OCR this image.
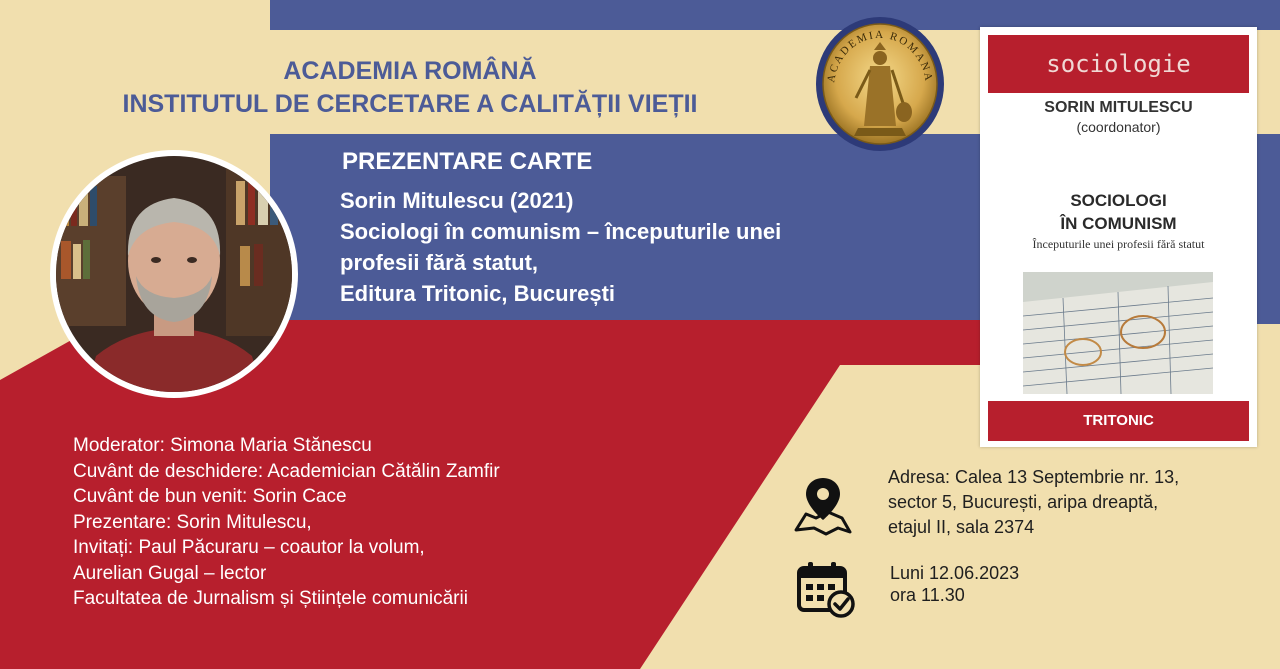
ACADEMIA ROMÂNĂ
INSTITUTUL DE CERCETARE A CALITĂȚII VIEȚII
ACADEMIA ROMANA
PREZENTARE CARTE
Sorin Mitulescu (2021)
Sociologi în comunism – începuturile unei
profesii fără statut,
Editura Tritonic, București
sociologie
SORIN MITULESCU
(coordonator)
SOCIOLOGI
ÎN COMUNISM
Începuturile unei profesii fără statut
TRITONIC
Moderator: Simona Maria Stănescu
Cuvânt de deschidere: Academician Cătălin Zamfir
Cuvânt de bun venit: Sorin Cace
Prezentare: Sorin Mitulescu,
Invitați: Paul Păcuraru – coautor la volum,
Aurelian Gugal – lector
Facultatea de Jurnalism și Științele comunicării
Adresa: Calea 13 Septembrie nr. 13,
sector 5, București, aripa dreaptă,
etajul II, sala 2374
Luni 12.06.2023
ora 11.30
